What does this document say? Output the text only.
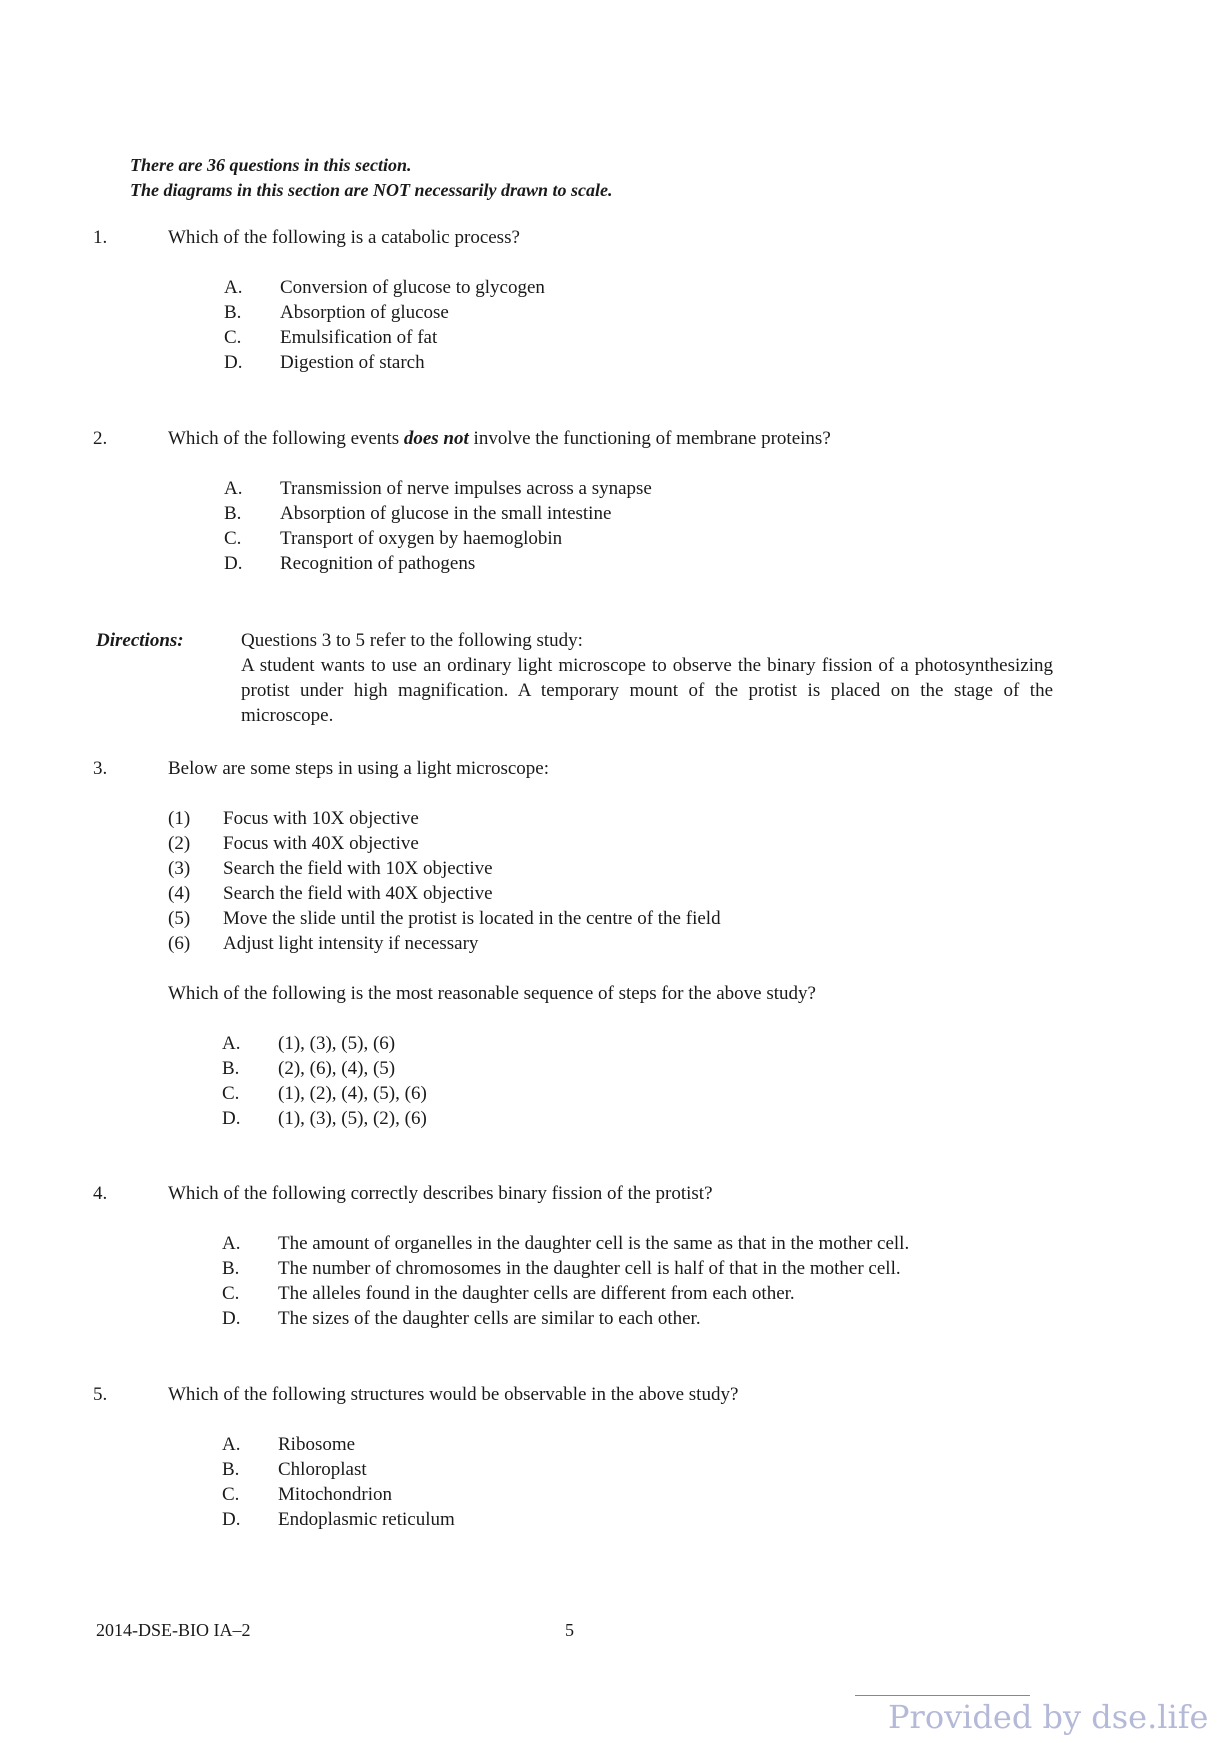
There are 36 questions in this section.
The diagrams in this section are NOT necessarily drawn to scale.
1.	Which of the following is a catabolic process?
A.	Conversion of glucose to glycogen
B.	Absorption of glucose
C.	Emulsification of fat
D.	Digestion of starch
2.	Which of the following events does not involve the functioning of membrane proteins?
A.	Transmission of nerve impulses across a synapse
B.	Absorption of glucose in the small intestine
C.	Transport of oxygen by haemoglobin
D.	Recognition of pathogens
Directions:	Questions 3 to 5 refer to the following study:

A student wants to use an ordinary light microscope to observe the binary fission of a photosynthesizing protist under high magnification. A temporary mount of the protist is placed on the stage of the microscope.

3.	Below are some steps in using a light microscope:
(1)	Focus with 10X objective
(2)	Focus with 40X objective
(3)	Search the field with 10X objective
(4)	Search the field with 40X objective
(5)	Move the slide until the protist is located in the centre of the field
(6)	Adjust light intensity if necessary
Which of the following is the most reasonable sequence of steps for the above study?
A.	(1), (3), (5), (6)
B.	(2), (6), (4), (5)
C.	(1), (2), (4), (5), (6)
D.	(1), (3), (5), (2), (6)
4.	Which of the following correctly describes binary fission of the protist?
A.	The amount of organelles in the daughter cell is the same as that in the mother cell.
B.	The number of chromosomes in the daughter cell is half of that in the mother cell.
C.	The alleles found in the daughter cells are different from each other.
D.	The sizes of the daughter cells are similar to each other.
5.	Which of the following structures would be observable in the above study?
A.	Ribosome
B.	Chloroplast
C.	Mitochondrion
D.	Endoplasmic reticulum
2014-DSE-BIO IA–2	5
Provided by dse.life
